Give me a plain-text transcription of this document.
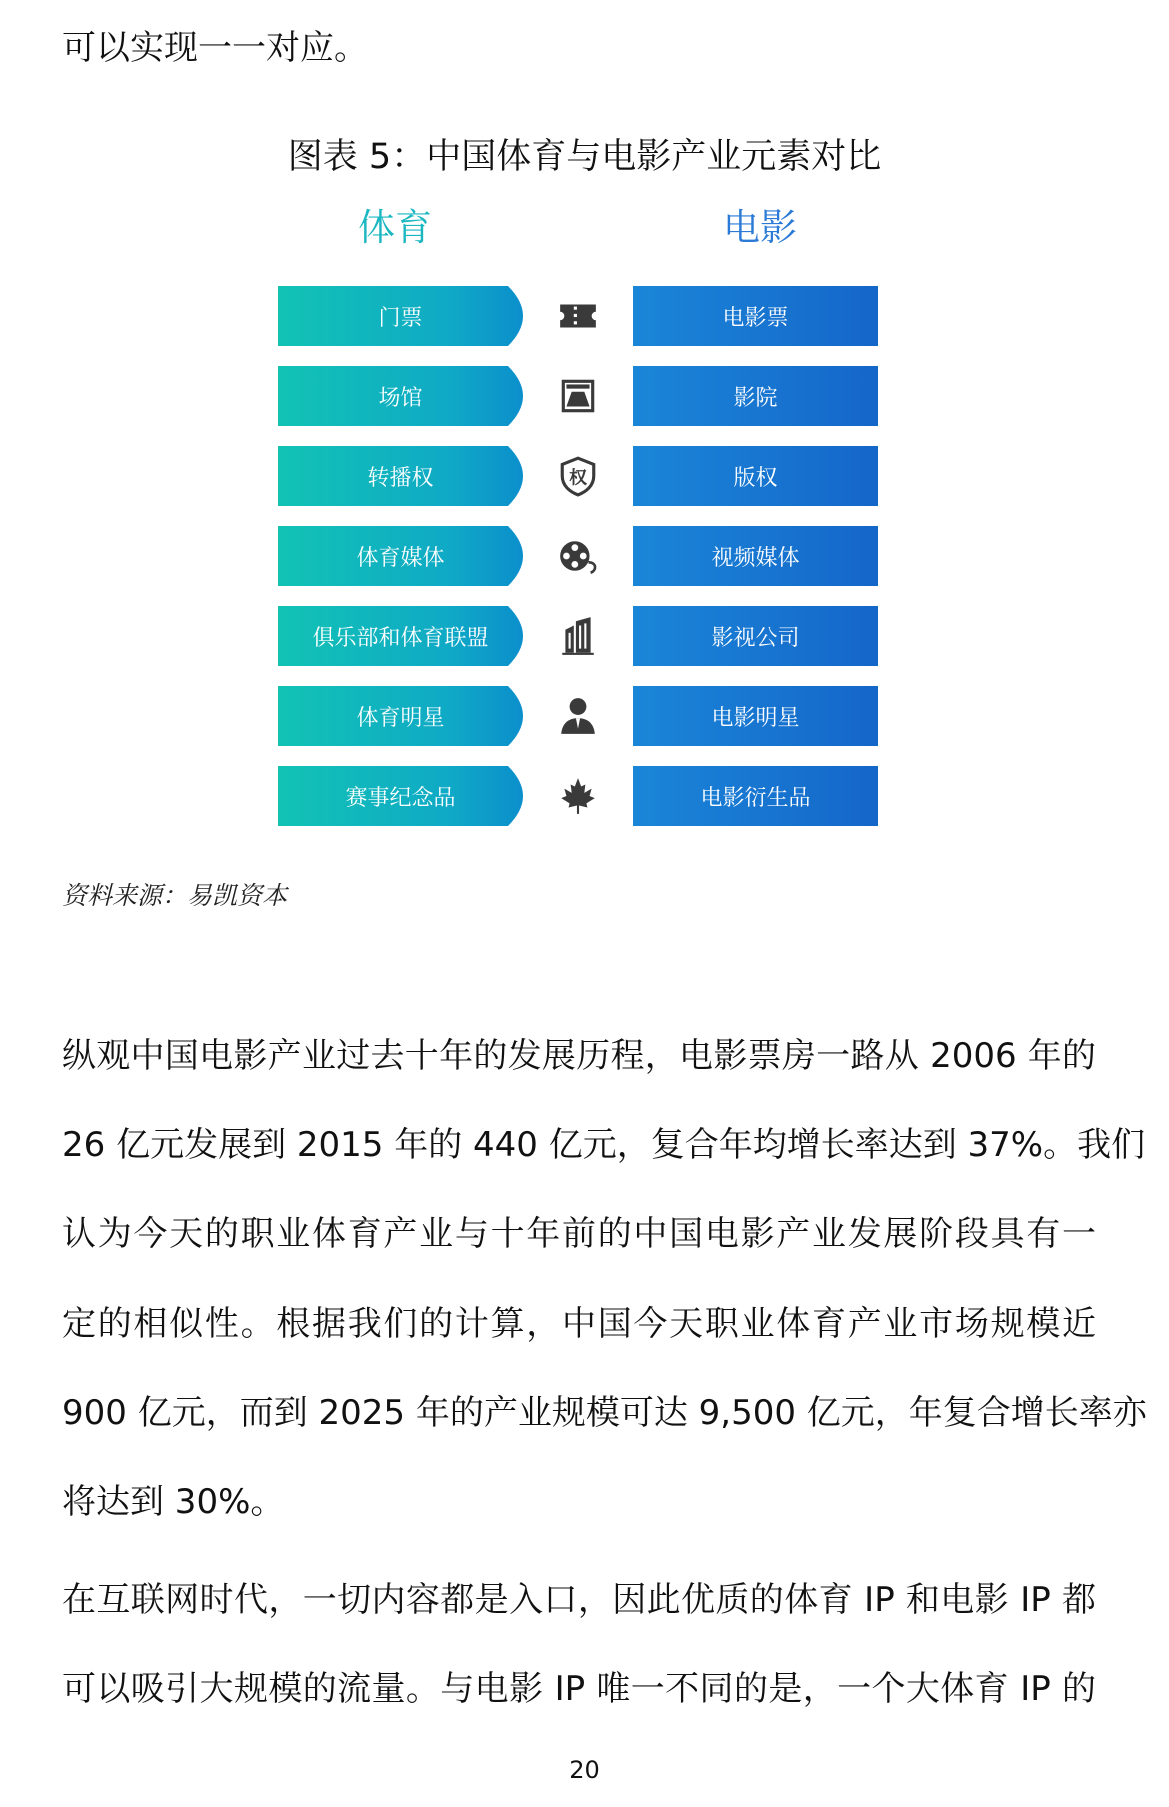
可以实现一一对应。
图表 5：中国体育与电影产业元素对比
体育	电影
门票	电影票
场馆	影院
转播权	权	版权
体育媒体	视频媒体
俱乐部和体育联盟	影视公司
体育明星	电影明星
赛事纪念品	电影衍生品
资料来源：易凯资本
纵观中国电影产业过去十年的发展历程，电影票房一路从 2006 年的
26 亿元发展到 2015 年的 440 亿元，复合年均增长率达到 37%。我们
认为今天的职业体育产业与十年前的中国电影产业发展阶段具有一
定的相似性。根据我们的计算，中国今天职业体育产业市场规模近
900 亿元，而到 2025 年的产业规模可达 9,500 亿元，年复合增长率亦
将达到 30%。
在互联网时代，一切内容都是入口，因此优质的体育 IP 和电影 IP 都
可以吸引大规模的流量。与电影 IP 唯一不同的是，一个大体育 IP 的
20
